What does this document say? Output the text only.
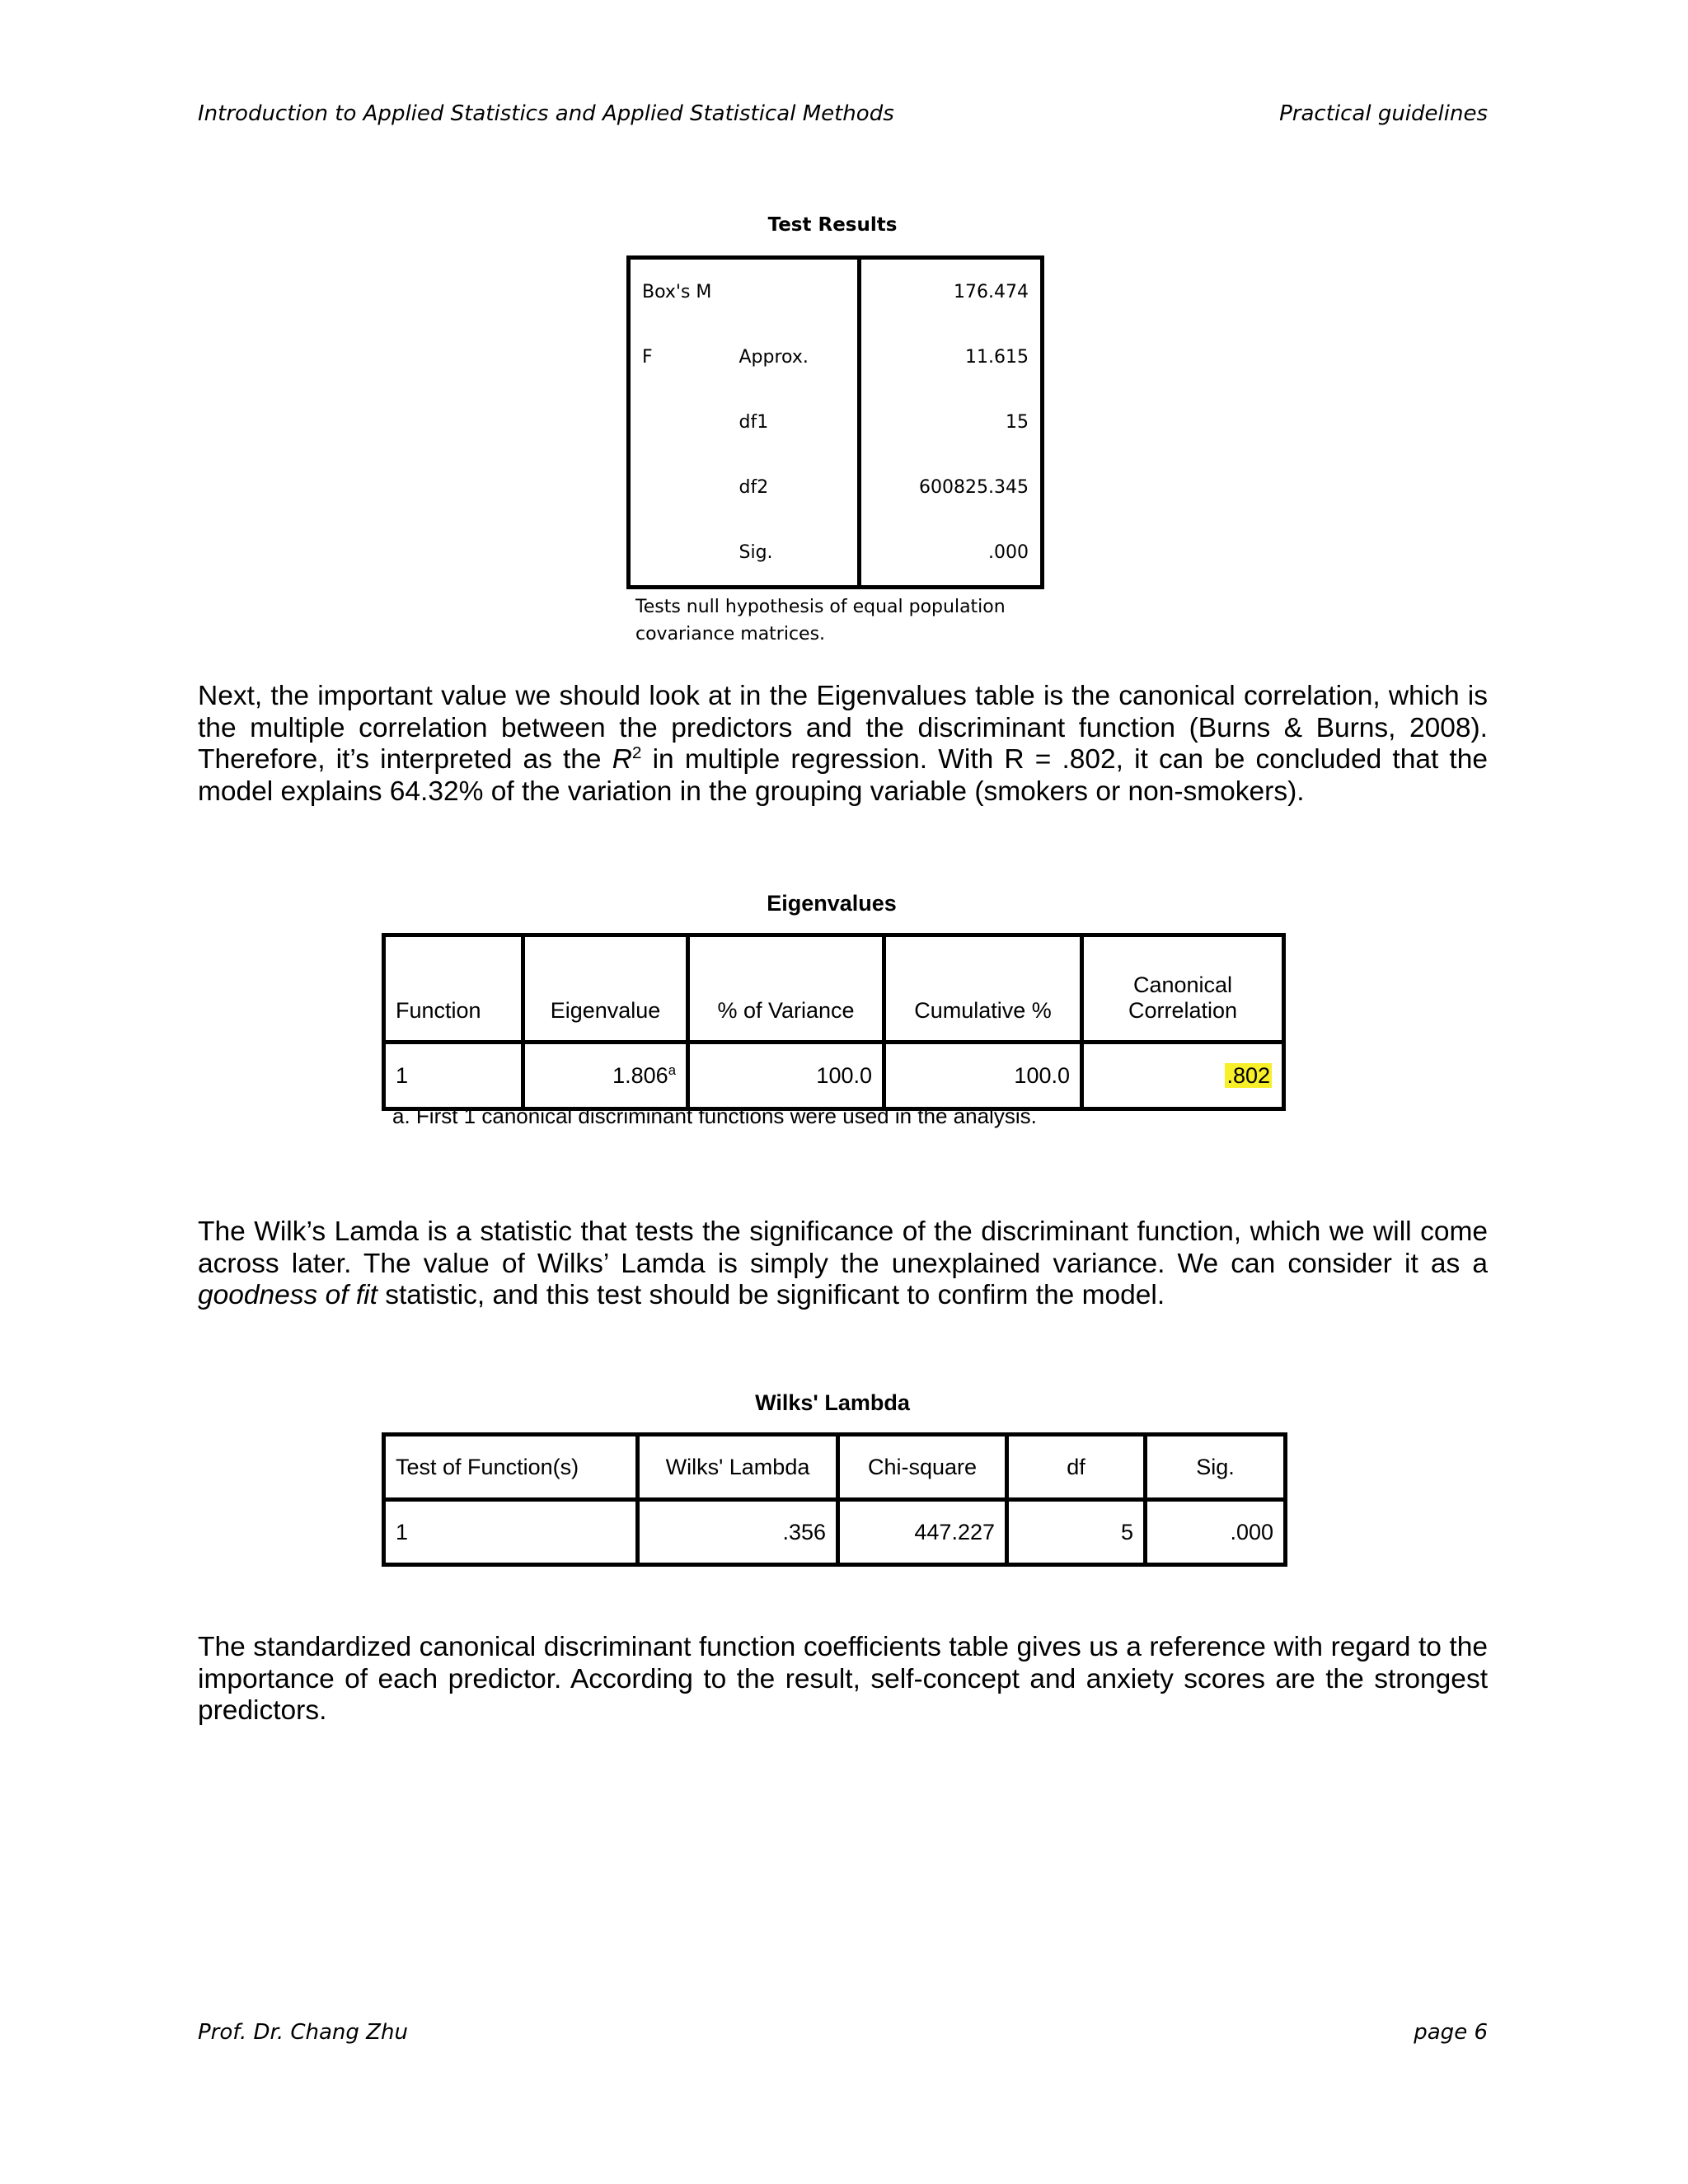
Introduction to Applied Statistics and Applied Statistical Methods	Practical guidelines
Test Results
Box's M		176.474
F	Approx.	11.615
	df1	15
	df2	600825.345
	Sig.	.000
Tests null hypothesis of equal population
covariance matrices.
Next, the important value we should look at in the Eigenvalues table is the canonical correlation, which is the multiple correlation between the predictors and the discriminant function (Burns & Burns, 2008). Therefore, it’s interpreted as the $R^2$ in multiple regression. With R = .802, it can be concluded that the model explains 64.32% of the variation in the grouping variable (smokers or non-smokers).
Eigenvalues
Function	Eigenvalue	% of Variance	Cumulative %	Canonical
Correlation

1	1.806$^a$	100.0	100.0	.802
a. First 1 canonical discriminant functions were used in the analysis.
The Wilk’s Lamda is a statistic that tests the significance of the discriminant function, which we will come across later. The value of Wilks’ Lamda is simply the unexplained variance. We can consider it as a goodness of fit statistic, and this test should be significant to confirm the model.
Wilks' Lambda
Test of Function(s)	Wilks' Lambda	Chi-square	df	Sig.
1	.356	447.227	5	.000
The standardized canonical discriminant function coefficients table gives us a reference with regard to the importance of each predictor. According to the result, self-concept and anxiety scores are the strongest predictors.
Prof. Dr. Chang Zhu	page 6
